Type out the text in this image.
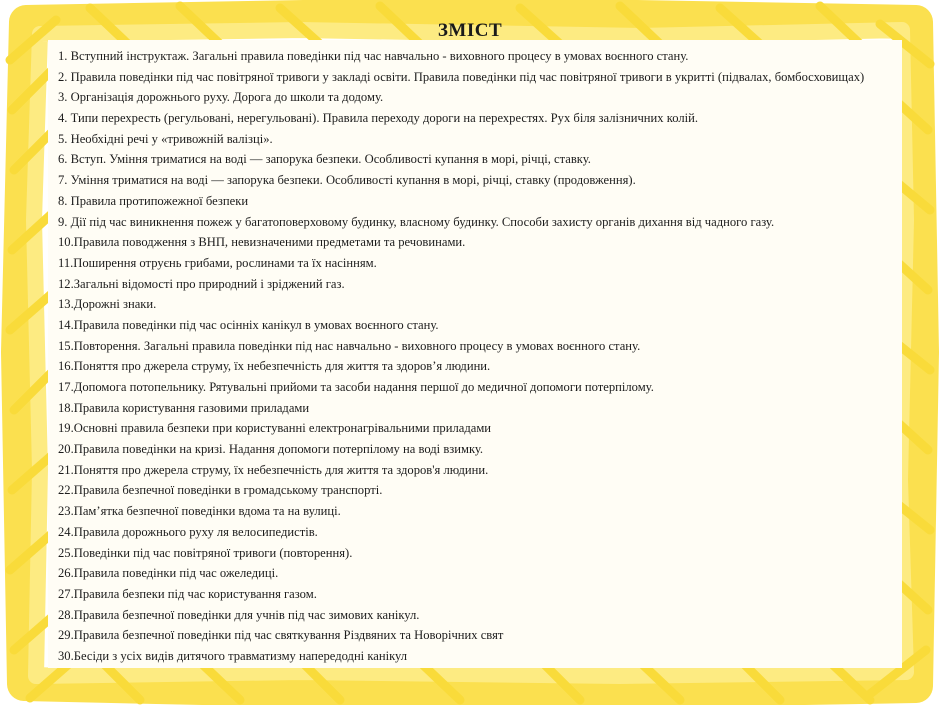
ЗМІСТ
1. Вступний інструктаж. Загальні правила поведінки під час навчально - виховного процесу в умовах воєнного стану.
2. Правила поведінки під час повітряної тривоги у закладі освіти. Правила поведінки під час повітряної тривоги в укритті (підвалах, бомбосховищах)
3. Організація дорожнього руху. Дорога до школи та додому.
4. Типи перехресть (регульовані, нерегульовані). Правила переходу дороги на перехрестях. Рух біля залізничних колій.
5. Необхідні речі у «тривожній валізці».
6. Вступ. Уміння триматися на воді — запорука безпеки. Особливості купання в морі, річці, ставку.
7. Уміння триматися на воді — запорука безпеки. Особливості купання в морі, річці, ставку (продовження).
8. Правила протипожежної безпеки
9. Дії під час виникнення пожеж у багатоповерховому будинку, власному будинку. Способи захисту органів дихання від чадного газу.
10.Правила поводження з ВНП, невизначеними предметами та речовинами.
11.Поширення отруєнь грибами, рослинами та їх насінням.
12.Загальні відомості про природний і зріджений газ.
13.Дорожні знаки.
14.Правила поведінки під час осінніх канікул в умовах воєнного стану.
15.Повторення. Загальні правила поведінки під нас навчально - виховного процесу в умовах воєнного стану.
16.Поняття про джерела струму, їх небезпечність для життя та здоров’я людини.
17.Допомога потопельнику. Рятувальні прийоми та засоби надання першої до медичної допомоги потерпілому.
18.Правила користування газовими приладами
19.Основні правила безпеки при користуванні електронагрівальними приладами
20.Правила поведінки на кризі. Надання допомоги потерпілому на воді взимку.
21.Поняття про джерела струму, їх небезпечність для життя та здоров'я людини.
22.Правила безпечної поведінки в громадському транспорті.
23.Пам’ятка безпечної поведінки вдома та на вулиці.
24.Правила дорожнього руху ля велосипедистів.
25.Поведінки під час повітряної тривоги (повторення).
26.Правила поведінки під час ожеледиці.
27.Правила безпеки під час користування газом.
28.Правила безпечної поведінки для учнів під час зимових канікул.
29.Правила безпечної поведінки під час святкування Різдвяних та Новорічних свят
30.Бесіди з усіх видів дитячого травматизму напередодні канікул
